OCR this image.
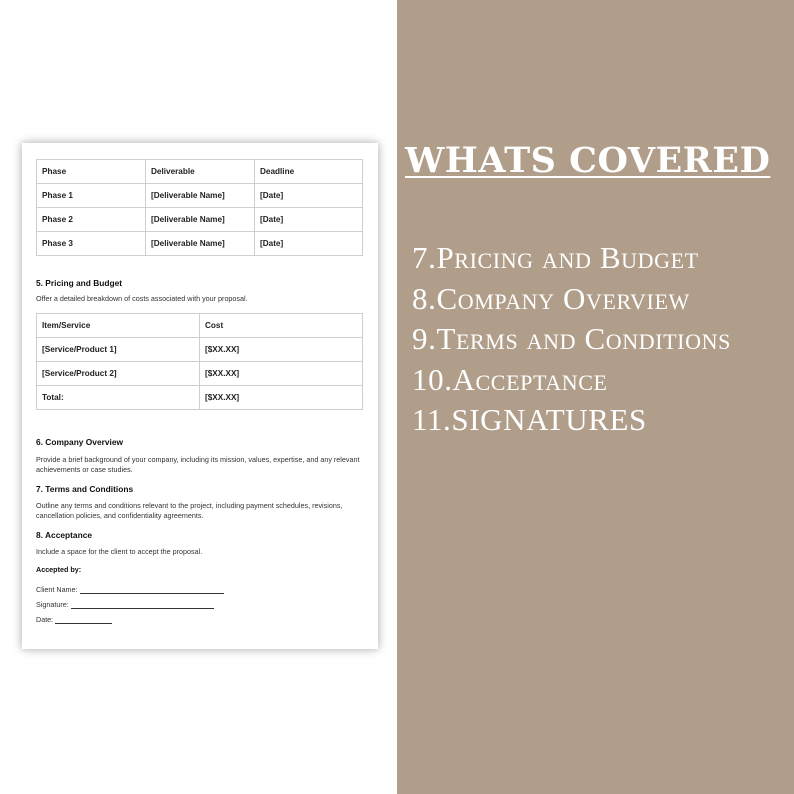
Phase	Deliverable	Deadline
Phase 1	[Deliverable Name]	[Date]
Phase 2	[Deliverable Name]	[Date]
Phase 3	[Deliverable Name]	[Date]
5. Pricing and Budget

Offer a detailed breakdown of costs associated with your proposal.

Item/Service	Cost
[Service/Product 1]	[$XX.XX]
[Service/Product 2]	[$XX.XX]
Total:	[$XX.XX]
6. Company Overview

Provide a brief background of your company, including its mission, values, expertise, and any relevant achievements or case studies.

7. Terms and Conditions

Outline any terms and conditions relevant to the project, including payment schedules, revisions, cancellation policies, and confidentiality agreements.

8. Acceptance

Include a space for the client to accept the proposal.

Accepted by:
Client Name:
Signature:
Date:
WHATS COVERED
7.Pricing and Budget
8.Company Overview
9.Terms and Conditions
10.Acceptance
11.SIGNATURES
